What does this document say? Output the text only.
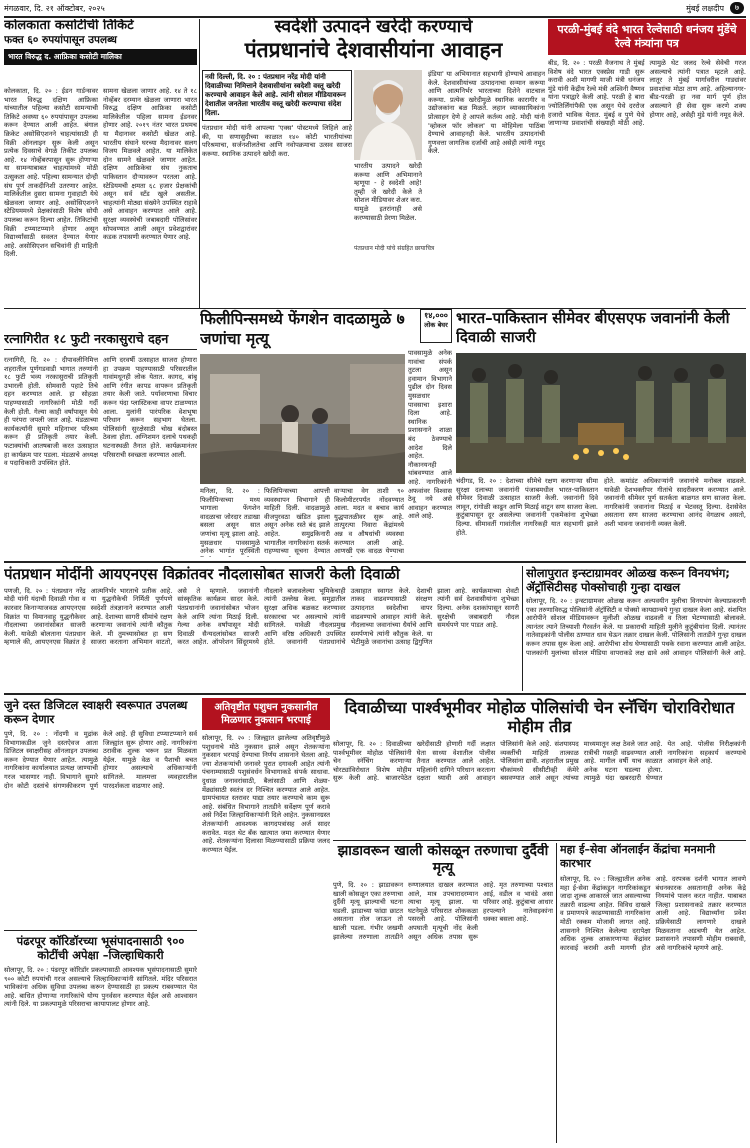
मंगळवार, दि. २१ ऑक्टोबर, २०२५	मुंबई लक्षदीप	७
कोलकाता कसोटीची तिकिटे
फक्त ६० रुपयांपासून उपलब्ध
भारत विरुद्ध द. आफ्रिका कसोटी मालिका
कोलकाता, दि. २० : ईडन गार्डन्सवर भारत विरुद्ध दक्षिण आफ्रिका यांच्यातील पहिल्या कसोटी सामन्याची तिकिटे अवघ्या ६० रुपयांपासून उपलब्ध करून देण्यात आली आहेत. बंगाल क्रिकेट असोसिएशनने चाहत्यांसाठी ही विक्री ऑनलाइन सुरू केली असून प्रत्येक दिवसाचे वेगळे तिकीट उपलब्ध आहे. १४ नोव्हेंबरपासून सुरू होणाऱ्या या सामन्याबाबत चाहत्यांमध्ये मोठी उत्सुकता आहे. पहिल्या सामन्यात दोन्ही संघ पूर्ण ताकदीनिशी उतरणार आहेत. मालिकेतील दुसरा सामना गुवाहाटी येथे खेळवला जाणार आहे. असोसिएशनने स्टेडियममध्ये प्रेक्षकांसाठी विशेष सोयी उपलब्ध करून दिल्या आहेत. तिकिटांची विक्री टप्प्याटप्प्याने होणार असून विद्यार्थ्यांसाठी सवलत देण्यात येणार आहे. असोसिएशन सचिवांनी ही माहिती दिली.
सामना खेळला जाणार आहे. १४ ते १८ नोव्हेंबर दरम्यान खेळला जाणारा भारत विरुद्ध दक्षिण आफ्रिका कसोटी मालिकेतील पहिला सामना ईडनवर होणार आहे. २०१९ नंतर भारत प्रथमच या मैदानावर कसोटी खेळत आहे. भारतीय संघाने घरच्या मैदानावर सलग विजय मिळवले आहेत. या मालिकेत दोन सामने खेळवले जाणार आहेत. दक्षिण आफ्रिकेचा संघ नुकताच पाकिस्तान दौऱ्यावरून परतला आहे. स्टेडियमची क्षमता ६८ हजार प्रेक्षकांची असून सर्व स्टँड खुले असतील. चाहत्यांनी मोठ्या संख्येने उपस्थित राहावे असे आवाहन करण्यात आले आहे. सुरक्षा व्यवस्थेची जबाबदारी पोलिसांवर सोपवण्यात आली असून प्रवेशद्वारांवर कडक तपासणी करण्यात येणार आहे.
स्वदेशी उत्पादने खरेदी करण्याचे
पंतप्रधानांचे देशवासीयांना आवाहन
नवी दिल्ली, दि. २० : पंतप्रधान नरेंद्र मोदी यांनी दिवाळीच्या निमित्ताने देशवासीयांना स्वदेशी वस्तू खरेदी करण्याचे आवाहन केले आहे. त्यांनी सोशल मीडियावरून देशातील जनतेला भारतीय वस्तू खरेदी करण्याचा संदेश दिला.
पंतप्रधान मोदी यांनी आपल्या 'एक्स' पोस्टमध्ये लिहिले आहे की, या सणासुदीच्या काळात १४० कोटी भारतीयांच्या परिश्रमाचा, सर्जनशीलतेचा आणि नवोपक्रमाचा उत्सव साजरा करूया. स्थानिक उत्पादने खरेदी करा.
भारतीय उत्पादने खरेदी करूया आणि अभिमानाने म्हणूया - हे स्वदेशी आहे! तुम्ही जे खरेदी केले ते सोशल मीडियावर शेअर करा. यामुळे इतरांनाही असे करण्यासाठी प्रेरणा मिळेल.
इंडिया' या अभियानात सहभागी होण्याचे आवाहन केले. देशवासीयांच्या उत्पादनाचा सन्मान करूया आणि आत्मनिर्भर भारताच्या दिशेने वाटचाल करूया. प्रत्येक खरेदीमुळे स्थानिक कारागीर व उद्योजकांना बळ मिळते. लहान व्यावसायिकांना प्रोत्साहन देणे हे आपले कर्तव्य आहे. मोदी यांनी 'व्होकल फॉर लोकल' या मोहिमेला पाठिंबा देण्याचे आवाहनही केले. भारतीय उत्पादनांची गुणवत्ता जागतिक दर्जाची आहे असेही त्यांनी नमूद केले.
पंतप्रधान मोदी यांचे संग्रहित छायाचित्र
परळी-मुंबई वंदे भारत रेल्वेसाठी धनंजय मुंडेंचे रेल्वे मंत्र्यांना पत्र
बीड, दि. २० : परळी वैजनाथ ते मुंबई विशेष वंदे भारत एक्स्प्रेस गाडी सुरू करावी अशी मागणी माजी मंत्री धनंजय मुंडे यांनी केंद्रीय रेल्वे मंत्री अश्विनी वैष्णव यांना पत्राद्वारे केली आहे. परळी हे बारा ज्योतिर्लिंगांपैकी एक असून येथे दररोज हजारो भाविक येतात. मुंबई व पुणे येथे जाणाऱ्या प्रवाशांची संख्याही मोठी आहे. त्यामुळे थेट जलद रेल्वे सेवेची गरज असल्याचे त्यांनी पत्रात म्हटले आहे. लातूर ते मुंबई मार्गावरील गाड्यांवर प्रवाशांचा मोठा ताण आहे. अहिल्यानगर-बीड-परळी हा नवा मार्ग पूर्ण होत असल्याने ही सेवा सुरू करणे शक्य होणार आहे, असेही मुंडे यांनी नमूद केले.
रत्नागिरीत १८ फुटी नरकासुराचे दहन
रत्नागिरी, दि. २० : दीपावलीनिमित्त शहरातील पूर्णगडवाडी भागात तरुणांनी १८ फुटी भव्य नरकासुराची प्रतिकृती उभारली होती. सोमवारी पहाटे तिचे दहन करण्यात आले. हा सोहळा पाहण्यासाठी नागरिकांनी मोठी गर्दी केली होती. गेल्या काही वर्षांपासून येथे ही परंपरा जपली जात आहे. मंडळाच्या कार्यकर्त्यांनी सुमारे महिनाभर परिश्रम करून ही प्रतिकृती तयार केली. फटाक्यांची आतषबाजी करत उत्साहात हा कार्यक्रम पार पडला. मंडळाचे अध्यक्ष व पदाधिकारी उपस्थित होते.
आणि दरवर्षी उत्साहात साजरा होणारा हा उपक्रम पाहण्यासाठी परिसरातील गावांमधूनही लोक येतात. कागद, बांबू आणि रंगीत कापड वापरून प्रतिकृती तयार केली जाते. पर्यावरणाचा विचार करून यंदा प्लास्टिकचा वापर टाळण्यात आला. मुलांनी पारंपरिक वेशभूषा परिधान करून सहभाग घेतला. पोलिसांनी सुरक्षेसाठी चोख बंदोबस्त ठेवला होता. अग्निशमन दलाचे पथकही घटनास्थळी तैनात होते. कार्यक्रमानंतर परिसराची स्वच्छता करण्यात आली.
फिलीपिन्समध्ये फेंगशेन वादळामुळे ७ जणांचा मृत्यू
१४,०००
लोक बेघर
मनिला, दि. २० : फिलीपिन्सच्या मध्य भागाला फेंगशेन वादळाचा जोरदार तडाखा बसला असून सात जणांचा मृत्यू झाला आहे. मुसळधार पावसामुळे अनेक भागांत पूरस्थिती
फिलिपिन्सच्या आपत्ती व्यवस्थापन विभागाने ही माहिती दिली. वादळामुळे वीजपुरवठा खंडित झाला असून अनेक रस्ते बंद झाले आहेत. समुद्रकिनारी भागातील नागरिकांना सतर्क राहण्याच्या सूचना देण्यात
वाऱ्याचा वेग ताशी ९० किलोमीटरपर्यंत नोंदवण्यात आला. मदत व बचाव कार्य युद्धपातळीवर सुरू आहे. तात्पुरत्या निवारा केंद्रांमध्ये अन्न व औषधांची व्यवस्था करण्यात आली आहे. आणखी एक वादळ येण्याचा
पावसामुळे अनेक गावांचा संपर्क तुटला असून हवामान विभागाने पुढील दोन दिवस मुसळधार पावसाचा इशारा दिला आहे. स्थानिक प्रशासनाने शाळा बंद ठेवण्याचे आदेश दिले आहेत. नौकानयनही थांबवण्यात आले आहे. नागरिकांनी अफवांवर विश्वास ठेवू नये असे आवाहन करण्यात आले आहे.
भारत–पाकिस्तान सीमेवर बीएसएफ जवानांनी केली दिवाळी साजरी
चंदीगड, दि. २० : देशाच्या सीमेचे रक्षण करणाऱ्या सीमा सुरक्षा दलाच्या जवानांनी पंजाबमधील भारत-पाकिस्तान सीमेवर दिवाळी उत्साहात साजरी केली. जवानांनी दिवे लावून, रांगोळी काढून आणि मिठाई वाटून सण साजरा केला. कुटुंबापासून दूर असलेल्या जवानांनी एकमेकांना शुभेच्छा दिल्या. सीमावर्ती गावांतील नागरिकही यात सहभागी झाले होते.
होते. कमांडंट अधिकाऱ्यांनी जवानांचे मनोबल वाढवले. यावेळी देशभक्तीपर गीतांचे सादरीकरण करण्यात आले. जवानांनी सीमेवर पूर्ण सतर्कता बाळगत सण साजरा केला. नागरिकांनी जवानांना मिठाई व भेटवस्तू दिल्या. देशसेवेत असताना सण साजरा करण्याचा आनंद वेगळाच असतो, अशी भावना जवानांनी व्यक्त केली.
पंतप्रधान मोदींनी आयएनएस विक्रांतवर नौदलासोबत साजरी केली दिवाळी
पणजी, दि. २० : पंतप्रधान नरेंद्र मोदी यांनी यंदाची दिवाळी गोवा व कारवार किनाऱ्याजवळ आयएनएस विक्रांत या विमानवाहू युद्धनौकेवर नौदलाच्या जवानांसोबत साजरी केली. यावेळी बोलताना पंतप्रधान म्हणाले की, आयएनएस विक्रांत हे आत्मनिर्भर भारताचे प्रतीक आहे. या युद्धनौकेची निर्मिती पूर्णपणे स्वदेशी तंत्रज्ञानाने करण्यात आली आहे. देशाच्या सागरी सीमांचे रक्षण करणाऱ्या जवानांचे त्यांनी कौतुक केले. मी तुमच्यासोबत हा सण साजरा करताना अभिमान वाटतो, असे ते म्हणाले. जवानांनी सांस्कृतिक कार्यक्रम सादर केले. पंतप्रधानांनी जवानांसोबत भोजन केले आणि त्यांना मिठाई दिली. गेल्या अनेक वर्षांपासून मोदी दिवाळी सैन्यदलांसोबत साजरी करत आहेत. ऑपरेशन सिंदूरमध्ये नौदलाने बजावलेल्या भूमिकेचाही त्यांनी उल्लेख केला. समुद्रातील सुरक्षा अधिक बळकट करण्यावर सरकारचा भर असल्याचे त्यांनी सांगितले. यावेळी नौदलप्रमुख आणि वरिष्ठ अधिकारी उपस्थित होते. जवानांनी पंतप्रधानांचे उत्साहात स्वागत केले. देशाची ताकद वाढवण्यासाठी संरक्षण उत्पादनात स्वदेशीचा वापर वाढवण्याचे आवाहन त्यांनी केले. नौदलाच्या जवानांच्या धैर्याचे आणि समर्पणाचे त्यांनी कौतुक केले. या भेटीमुळे जवानांचा उत्साह द्विगुणित झाला आहे. कार्यक्रमाच्या शेवटी त्यांनी सर्व देशवासीयांना शुभेच्छा दिल्या. अनेक दशकांपासून सागरी सुरक्षेची जबाबदारी नौदल समर्थपणे पार पाडत आहे.
सोलापुरात इन्स्टाग्रामवर ओळख करून विनयभंग; ॲट्रॉसिटीसह पोक्सोचाही गुन्हा दाखल
सोलापूर, दि. २० : इन्स्टाग्रामवर ओळख करून अल्पवयीन मुलीचा विनयभंग केल्याप्रकरणी एका तरुणाविरुद्ध पोलिसांनी ॲट्रॉसिटी व पोक्सो कायद्यान्वये गुन्हा दाखल केला आहे. संशयित आरोपीने सोशल मीडियावरून मुलीशी ओळख वाढवली व तिला भेटण्यासाठी बोलावले. त्यानंतर त्याने तिच्याशी गैरवर्तन केले. या प्रकाराची माहिती मुलीने कुटुंबीयांना दिली. त्यानंतर नातेवाइकांनी पोलीस ठाण्यात धाव घेऊन तक्रार दाखल केली. पोलिसांनी तातडीने गुन्हा दाखल करून तपास सुरू केला आहे. आरोपीचा शोध घेण्यासाठी पथके रवाना करण्यात आली आहेत. पालकांनी मुलांच्या सोशल मीडिया वापराकडे लक्ष द्यावे असे आवाहन पोलिसांनी केले आहे.
जुने दस्त डिजिटल स्वाक्षरी स्वरूपात उपलब्ध करून देणार
पुणे, दि. २० : नोंदणी व मुद्रांक विभागाकडील जुने दस्तऐवज आता डिजिटल स्वाक्षरीसह ऑनलाइन उपलब्ध करून देण्यात येणार आहेत. त्यामुळे नागरिकांना कार्यालयात प्रत्यक्ष जाण्याची गरज भासणार नाही. विभागाने सुमारे दोन कोटी दस्तांचे संगणकीकरण पूर्ण केले आहे. ही सुविधा टप्प्याटप्प्याने सर्व जिल्ह्यांत सुरू होणार आहे. नागरिकांना ठरावीक शुल्क भरून प्रत मिळवता येईल. यामुळे वेळ व पैशाची बचत होणार असल्याचे अधिकाऱ्यांनी सांगितले. मालमत्ता व्यवहारातील पारदर्शकता वाढणार आहे.
अतिवृष्टीत पशुधन नुकसानीत मिळणार नुकसान भरपाई
सोलापूर, दि. २० : जिल्ह्यात झालेल्या अतिवृष्टीमुळे पशुधनाचे मोठे नुकसान झाले असून शेतकऱ्यांना नुकसान भरपाई देण्याचा निर्णय शासनाने घेतला आहे. ज्या शेतकऱ्यांची जनावरे पुरात दगावली आहेत त्यांनी पंचनाम्यासाठी पशुसंवर्धन विभागाकडे संपर्क साधावा. दुधाळ जनावरांसाठी, बैलांसाठी आणि शेळ्या-मेंढ्यांसाठी स्वतंत्र दर निश्चित करण्यात आले आहेत. ग्रामपंचायत स्तरावर याद्या तयार करण्याचे काम सुरू आहे. संबंधित विभागाने तातडीने सर्वेक्षण पूर्ण करावे असे निर्देश जिल्हाधिकाऱ्यांनी दिले आहेत. नुकसानग्रस्त शेतकऱ्यांनी आवश्यक कागदपत्रांसह अर्ज सादर करावेत. मदत थेट बँक खात्यात जमा करण्यात येणार आहे. शेतकऱ्यांना दिलासा मिळण्यासाठी प्रक्रिया जलद करण्यात येईल.
दिवाळीच्या पार्श्वभूमीवर मोहोळ पोलिसांची चेन स्नॅचिंग चोराविरोधात मोहीम तीव्र
सोलापूर, दि. २० : दिवाळीच्या पार्श्वभूमीवर मोहोळ पोलिसांनी चेन स्नॅचिंग करणाऱ्या चोरट्यांविरोधात विशेष मोहीम सुरू केली आहे. बाजारपेठेत खरेदीसाठी होणारी गर्दी लक्षात घेता साध्या वेशातील पोलीस तैनात करण्यात आले आहेत. महिलांनी दागिने परिधान करताना दक्षता घ्यावी असे आवाहन पोलिसांनी केले आहे. संशयास्पद व्यक्तींची माहिती तात्काळ पोलिसांना द्यावी. शहरातील प्रमुख चौकांमध्ये सीसीटीव्ही कॅमेरे बसवण्यात आले असून त्यांच्या माध्यमातून लक्ष ठेवले जात आहे. रात्रीची गस्तही वाढवण्यात आली आहे. मागील वर्षी याच काळात अनेक घटना घडल्या होत्या. त्यामुळे यंदा खबरदारी घेण्यात येत आहे. पोलीस निरीक्षकांनी नागरिकांना सहकार्य करण्याचे आवाहन केले आहे.
पंढरपूर कॉरिडॉरच्या भूसंपादनासाठी ९०० कोटींची अपेक्षा –जिल्हाधिकारी
सोलापूर, दि. २० : पंढरपूर कॉरिडॉर प्रकल्पासाठी आवश्यक भूसंपादनासाठी सुमारे ९०० कोटी रुपयांची गरज असल्याचे जिल्हाधिकाऱ्यांनी सांगितले. मंदिर परिसरात भाविकांना अधिक सुविधा उपलब्ध करून देण्यासाठी हा प्रकल्प राबवण्यात येत आहे. बाधित होणाऱ्या नागरिकांचे योग्य पुनर्वसन करण्यात येईल असे आश्वासन त्यांनी दिले. या प्रकल्पामुळे परिसराचा कायापालट होणार आहे.
झाडावरून खाली कोसळून तरुणाचा दुर्दैवी मृत्यू
पुणे, दि. २० : झाडावरून खाली कोसळून एका तरुणाचा दुर्दैवी मृत्यू झाल्याची घटना घडली. झाडाच्या फांद्या छाटत असताना तोल जाऊन तो खाली पडला. गंभीर जखमी झालेल्या तरुणाला तातडीने रुग्णालयात दाखल करण्यात आले, मात्र उपचारादरम्यान त्याचा मृत्यू झाला. या घटनेमुळे परिसरात शोककळा पसरली आहे. पोलिसांनी अपघाती मृत्यूची नोंद केली असून अधिक तपास सुरू आहे. मृत तरुणाच्या पश्चात आई, वडील व भावंडे असा परिवार आहे. कुटुंबाचा आधार हरपल्याने नातेवाइकांना धक्का बसला आहे.
महा ई–सेवा ऑनलाईन केंद्रांचा मनमानी कारभार
सोलापूर, दि. २० : जिल्ह्यातील अनेक महा ई-सेवा केंद्रांकडून नागरिकांकडून जादा शुल्क आकारले जात असल्याच्या तक्रारी वाढल्या आहेत. विविध दाखले व प्रमाणपत्रे काढण्यासाठी नागरिकांना मोठी रक्कम मोजावी लागत आहे. शासनाने निश्चित केलेल्या दरापेक्षा अधिक शुल्क आकारणाऱ्या केंद्रांवर कारवाई करावी अशी मागणी होत आहे. दरपत्रक दर्शनी भागात लावणे बंधनकारक असतानाही अनेक केंद्रे नियमांचे पालन करत नाहीत. याबाबत जिल्हा प्रशासनाकडे तक्रार करण्यात आली आहे. विद्यार्थ्यांना प्रवेश प्रक्रियेसाठी लागणारे दाखले मिळवताना अडचणी येत आहेत. प्रशासनाने तपासणी मोहीम राबवावी, असे नागरिकांचे म्हणणे आहे.
